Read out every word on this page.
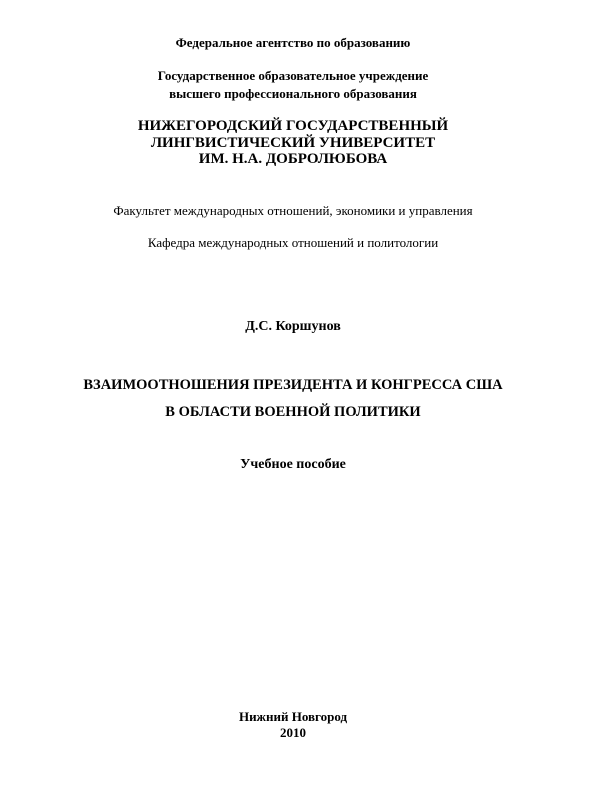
Федеральное агентство по образованию
Государственное образовательное учреждение
высшего профессионального образования
НИЖЕГОРОДСКИЙ ГОСУДАРСТВЕННЫЙ
ЛИНГВИСТИЧЕСКИЙ УНИВЕРСИТЕТ
ИМ. Н.А. ДОБРОЛЮБОВА
Факультет международных отношений, экономики и управления
Кафедра международных отношений и политологии
Д.С. Коршунов
ВЗАИМООТНОШЕНИЯ ПРЕЗИДЕНТА И КОНГРЕССА США
В ОБЛАСТИ ВОЕННОЙ ПОЛИТИКИ
Учебное пособие
Нижний Новгород
2010
